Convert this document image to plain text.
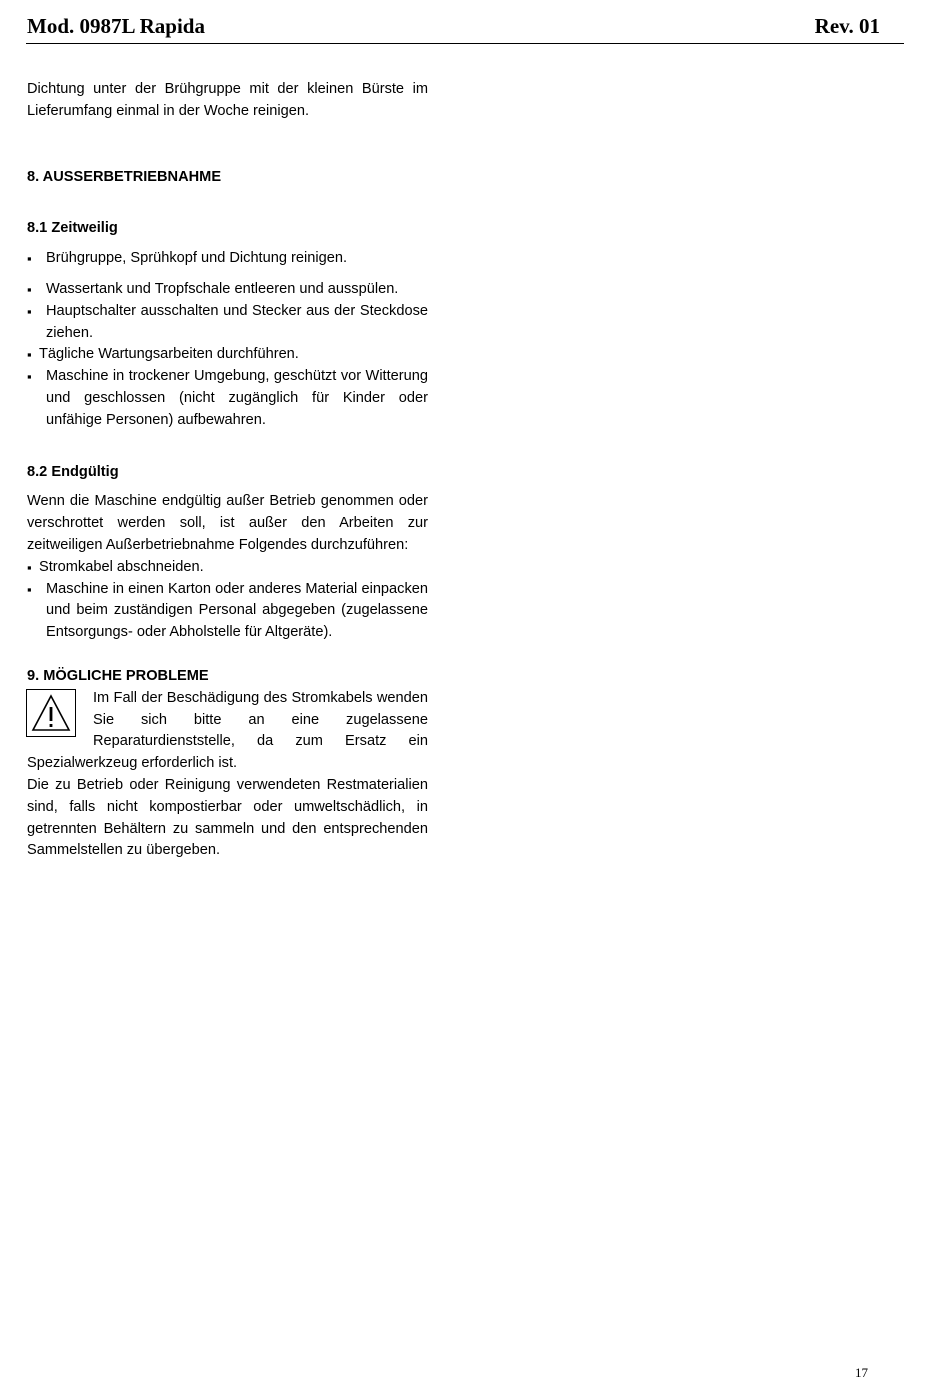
Mod. 0987L Rapida	Rev. 01

Dichtung unter der Brühgruppe mit der kleinen Bürste im Lieferumfang einmal in der Woche reinigen.

8. AUSSERBETRIEBNAHME

8.1 Zeitweilig

▪ Brühgruppe, Sprühkopf und Dichtung reinigen.
▪ Wassertank und Tropfschale entleeren und ausspülen.
▪ Hauptschalter ausschalten und Stecker aus der Steckdose ziehen.
▪ Tägliche Wartungsarbeiten durchführen.
▪ Maschine in trockener Umgebung, geschützt vor Witterung und geschlossen (nicht zugänglich für Kinder oder unfähige Personen) aufbewahren.

8.2 Endgültig

Wenn die Maschine endgültig außer Betrieb genommen oder verschrottet werden soll, ist außer den Arbeiten zur zeitweiligen Außerbetriebnahme Folgendes durchzuführen:

▪ Stromkabel abschneiden.
▪ Maschine in einen Karton oder anderes Material einpacken und beim zuständigen Personal abgegeben (zugelassene Entsorgungs- oder Abholstelle für Altgeräte).

9. MÖGLICHE PROBLEME

Im Fall der Beschädigung des Stromkabels wenden Sie sich bitte an eine zugelassene Reparaturdienststelle, da zum Ersatz ein Spezialwerkzeug erforderlich ist.

Die zu Betrieb oder Reinigung verwendeten Restmaterialien sind, falls nicht kompostierbar oder umweltschädlich, in getrennten Behältern zu sammeln und den entsprechenden Sammelstellen zu übergeben.

17
